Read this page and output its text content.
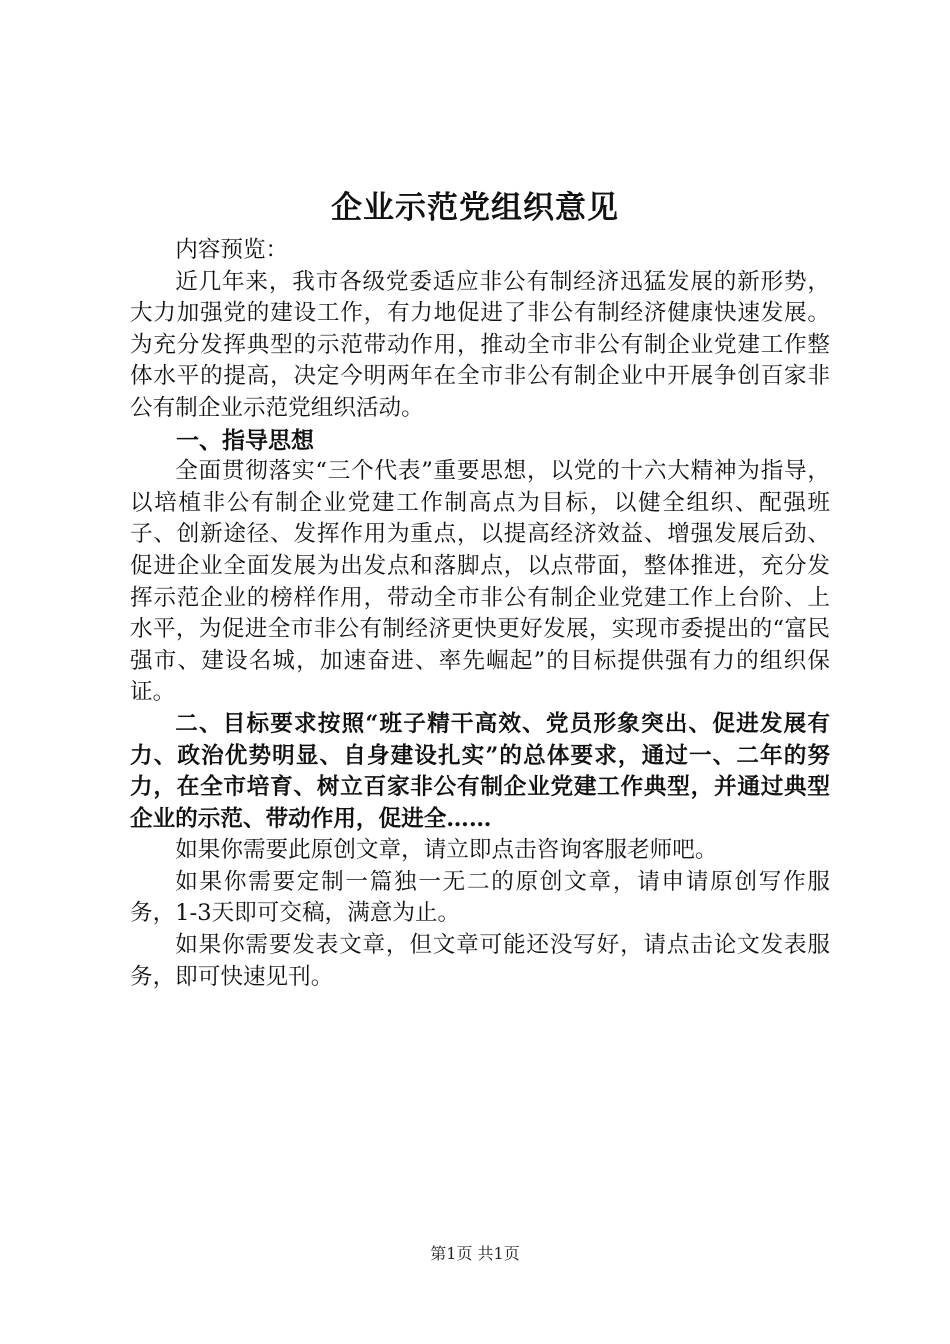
企业示范党组织意见

内容预览：

近几年来，我市各级党委适应非公有制经济迅猛发展的新形势，大力加强党的建设工作，有力地促进了非公有制经济健康快速发展。为充分发挥典型的示范带动作用，推动全市非公有制企业党建工作整体水平的提高，决定今明两年在全市非公有制企业中开展争创百家非公有制企业示范党组织活动。

一、指导思想

全面贯彻落实“三个代表”重要思想，以党的十六大精神为指导，以培植非公有制企业党建工作制高点为目标，以健全组织、配强班子、创新途径、发挥作用为重点，以提高经济效益、增强发展后劲、促进企业全面发展为出发点和落脚点，以点带面，整体推进，充分发挥示范企业的榜样作用，带动全市非公有制企业党建工作上台阶、上水平，为促进全市非公有制经济更快更好发展，实现市委提出的“富民强市、建设名城，加速奋进、率先崛起”的目标提供强有力的组织保证。

二、目标要求按照“班子精干高效、党员形象突出、促进发展有力、政治优势明显、自身建设扎实”的总体要求，通过一、二年的努力，在全市培育、树立百家非公有制企业党建工作典型，并通过典型企业的示范、带动作用，促进全……

如果你需要此原创文章，请立即点击咨询客服老师吧。

如果你需要定制一篇独一无二的原创文章，请申请原创写作服务，1-3天即可交稿，满意为止。

如果你需要发表文章，但文章可能还没写好，请点击论文发表服务，即可快速见刊。

第1页 共1页
